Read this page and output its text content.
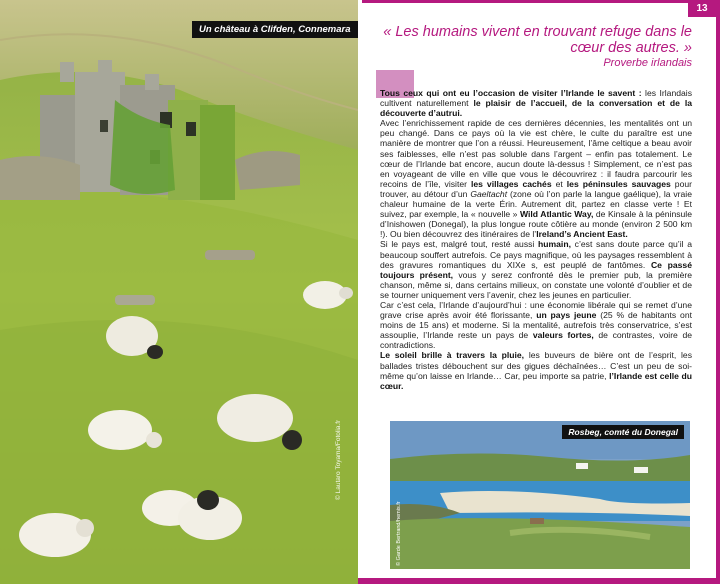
Un château à Clifden, Connemara
© Lautaro Toyama/Fotolia.fr
13
« Les humains vivent en trouvant refuge dans le cœur des autres. »
Proverbe irlandais

Tous ceux qui ont eu l’occasion de visiter l’Irlande le savent : les Irlandais cultivent naturellement le plaisir de l’accueil, de la conversation et de la découverte d’autrui.

Avec l’enrichissement rapide de ces dernières décennies, les mentalités ont un peu changé. Dans ce pays où la vie est chère, le culte du paraître est une manière de montrer que l’on a réussi. Heureusement, l’âme celtique a beau avoir ses faiblesses, elle n’est pas soluble dans l’argent – enfin pas totalement. Le cœur de l’Irlande bat encore, aucun doute là-dessus ! Simplement, ce n’est pas en voyageant de ville en ville que vous le découvrirez : il faudra parcourir les recoins de l’île, visiter les villages cachés et les péninsules sauvages pour trouver, au détour d’un Gaeltacht (zone où l’on parle la langue gaélique), la vraie chaleur humaine de la verte Érin. Autrement dit, partez en classe verte ! Et suivez, par exemple, la « nouvelle » Wild Atlantic Way, de Kinsale à la péninsule d’Inishowen (Donegal), la plus longue route côtière au monde (environ 2 500 km !). Ou bien découvrez des itinéraires de l’Ireland’s Ancient East.

Si le pays est, malgré tout, resté aussi humain, c’est sans doute parce qu’il a beaucoup souffert autrefois. Ce pays magnifique, où les paysages ressemblent à des gravures romantiques du XIXe s, est peuplé de fantômes. Ce passé toujours présent, vous y serez confronté dès le premier pub, la première chanson, même si, dans certains milieux, on constate une volonté d’oublier et de se tourner uniquement vers l’avenir, chez les jeunes en particulier.

Car c’est cela, l’Irlande d’aujourd’hui : une économie libérale qui se remet d’une grave crise après avoir été florissante, un pays jeune (25 % de habitants ont moins de 15 ans) et moderne. Si la mentalité, autrefois très conservatrice, s’est assouplie, l’Irlande reste un pays de valeurs fortes, de contrastes, voire de contradictions.

Le soleil brille à travers la pluie, les buveurs de bière ont de l’esprit, les ballades tristes débouchent sur des gigues déchaînées… C’est un peu de soi-même qu’on laisse en Irlande… Car, peu importe sa patrie, l’Irlande est celle du cœur.

Rosbeg, comté du Donegal
© Garde Bertrand/hemis.fr
